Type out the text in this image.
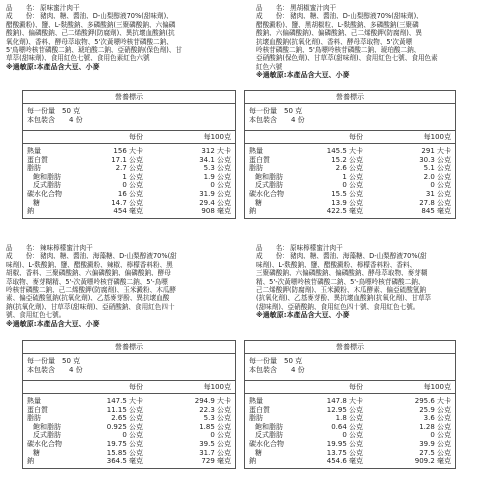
品　　名 ： 原味蜜汁肉干
成　　份 ： 豬肉、糖、醬油、D-山梨醇液70%(甜味劑)、
醋酸澱粉)、鹽、L-麩酸鈉、多磷酸鈉(三聚磷酸鈉、六偏磷
酸鈉)、偏磷酸鈉、己二烯酸鉀(防腐劑)、異抗壞血酸鈉(抗
氧化劑)、香料、酵母萃取物、5'次黃嘌呤核苷磷酸二鈉、
5'鳥嘌呤核苷磷酸二鈉、琥珀酸二鈉、亞硝酸鈉(保色劑)、甘
草萃(甜味劑)、食用紅色七號、食用色素紅色六號
※過敏原:本產品含大豆、小麥
營養標示
每一份量　 50 克
本包裝含　　 4 份
每份	每100克
熱量	156 大卡	312 大卡
蛋白質	17.1 公克	34.1 公克
脂肪	2.7 公克	5.3 公克
飽和脂肪	1 公克	1.9 公克
反式脂肪	0 公克	0 公克
碳水化合物	16 公克	31.9 公克
糖	14.7 公克	29.4 公克
鈉	454 毫克	908 毫克
品　　名 ： 黑胡椒蜜汁肉干
成　　份 ： 豬肉、糖、醬油、D-山梨醇液70%(甜味劑)、
醋酸澱粉)、鹽、黑胡椒粒、L-麩酸鈉、多磷酸鈉(三聚磷
酸鈉、六偏磷酸鈉)、偏磷酸鈉、己二烯酸鉀(防腐劑)、異
抗壞血酸鈉(抗氧化劑)、香料、酵母萃取物、5'次黃嘌
呤核苷磷酸二鈉、5'鳥嘌呤核苷磷酸二鈉、琥珀酸二鈉、
亞硝酸鈉(保色劑)、甘草萃(甜味劑)、食用紅色七號、食用色素
紅色六號
※過敏原:本產品含大豆、小麥
營養標示
每一份量　 50 克
本包裝含　　 4 份
每份	每100克
熱量	145.5 大卡	291 大卡
蛋白質	15.2 公克	30.3 公克
脂肪	2.6 公克	5.1 公克
飽和脂肪	1 公克	2.0 公克
反式脂肪	0 公克	0 公克
碳水化合物	15.5 公克	31 公克
糖	13.9 公克	27.8 公克
鈉	422.5 毫克	845 毫克
品　　名 ： 辣味檸檬蜜汁肉干
成　　份 ： 豬肉、糖、醬油、海藻糖、D-山梨醇液70%(甜
味劑)、L-麩酸鈉、鹽、醋酸澱粉、辣椒、檸檬香料粉、黑
胡椒、香料、三聚磷酸鈉、六偏磷酸鈉、偏磷酸鈉、酵母
萃取物、麥芽糊精、5'-次黃嘌呤核苷磷酸二鈉、5'-鳥嘌
呤核苷磷酸二鈉、己二烯酸鉀(防腐劑)、玉米澱粉、木瓜酵
素、偏亞硫酸氫鈉(抗氧化劑)、乙基麥芽酚、異抗壞血酸
鈉(抗氧化劑)、甘草萃(甜味劑)、亞硝酸鈉、食用紅色四十
號、食用紅色七號。
※過敏原:本產品含大豆、小麥
營養標示
每一份量　 50 克
本包裝含　　 4 份
每份	每100克
熱量	147.5 大卡	294.9 大卡
蛋白質	11.15 公克	22.3 公克
脂肪	2.65 公克	5.3 公克
飽和脂肪	0.925 公克	1.85 公克
反式脂肪	0 公克	0 公克
碳水化合物	19.75 公克	39.5 公克
糖	15.85 公克	31.7 公克
鈉	364.5 毫克	729 毫克
品　　名 ： 原味檸檬蜜汁肉干
成　　份 ： 豬肉、糖、醬油、海藻糖、D-山梨醇液70%(甜
味劑)、L-麩酸鈉、鹽、醋酸澱粉、檸檬香料粉、香料、
三聚磷酸鈉、六偏磷酸鈉、偏磷酸鈉、酵母萃取物、麥芽糊
精、5'-次黃嘌呤核苷磷酸二鈉、5'-鳥嘌呤核苷磷酸二鈉、
己二烯酸鉀(防腐劑)、玉米澱粉、木瓜酵素、偏亞硫酸氫鈉
(抗氧化劑)、乙基麥芽酚、異抗壞血酸鈉(抗氧化劑)、甘草萃
(甜味劑)、亞硝酸鈉、食用紅色四十號、食用紅色七號。
※過敏原:本產品含大豆、小麥
營養標示
每一份量　 50 克
本包裝含　　 4 份
每份	每100克
熱量	147.8 大卡	295.6 大卡
蛋白質	12.95 公克	25.9 公克
脂肪	1.8 公克	3.6 公克
飽和脂肪	0.64 公克	1.28 公克
反式脂肪	0 公克	0 公克
碳水化合物	19.95 公克	39.9 公克
糖	13.75 公克	27.5 公克
鈉	454.6 毫克	909.2 毫克
